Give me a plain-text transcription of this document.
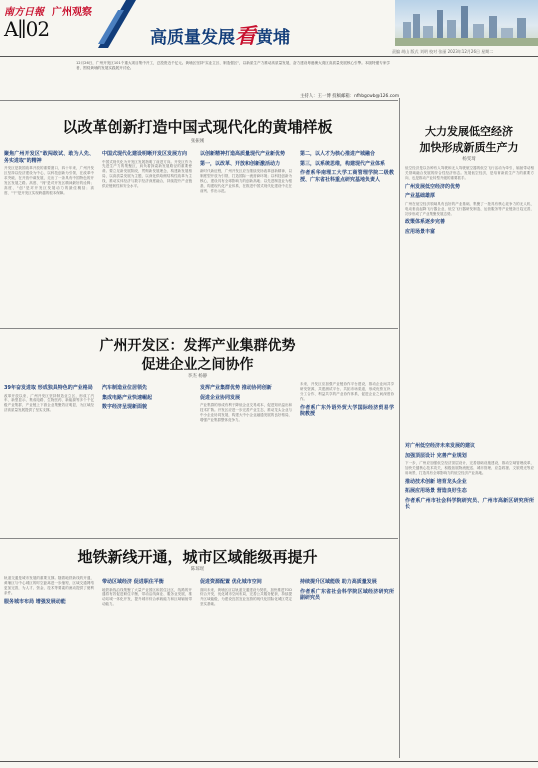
南方日報 广州观察
A∥02	高质量发展看黄埔
责编 胡山 版式 刘明 校对 张丽 2023年12月26日 星期二
12月26日，广州开发区101个重大项目集中开工，总投资近千亿元。黄埔区坚持"实业立区、制造强区"，以新质生产力推动高质量发展，奋力建设粤港澳大湾区高质量发展核心引擎。本版特邀专家学者，围绕黄埔的发展实践展开讨论。
主持人：王一博 投稿邮箱：nfhbgcwb@126.com
以改革创新打造中国式现代化的黄埔样板
张振刚
聚焦广州开发区"敢闯敢试、敢为人先、务实进取"的精神
开发区是我国改革开放的重要窗口，四十年来，广州开发区坚持以经济建设为中心，以科技创新为引领，在改革中求突破、在开放中谋发展，走出了一条具有中国特色的开发区发展之路。高度、"闯"是对开发区精神最好的诠释；高度、"创"是对开发区发展动力的最佳概括；高度、"干"是开发区实现跨越的根本保障。
中国式现代化建设明晰开发区发展方向
中国式现代化为开发区发展指明了前进方向。开发区作为先进生产力的集聚区，肩负着探索新发展路径的重要使命。要立足新发展阶段，贯彻新发展理念，构建新发展格局，以高质量发展为主题，以深化供给侧结构性改革为主线，推动实体经济与数字经济深度融合，持续提升产业链供应链韧性和安全水平。
以创新精神打造高质量现代产业新优势
第一，以改革、开放和创新激活动力
新时代新征程，广州开发区应当继续发扬改革创新精神，以制度型开放为引领，打造国际一流营商环境；以科技创新为核心，建设具有全球影响力的创新高地；以先进制造业为根基，构建现代化产业体系，在推进中国式现代化建设中走在前列、作出示范。
第二，以人才为核心推进产城融合
第三，以系统思维，构建现代产业体系
作者系华南理工大学工商管理学院二级教授、广东省社科重点研究基地负责人
广州开发区：发挥产业集群优势
促进企业之间协作
李杰 杨静
39年奋发进取 形成独具特色的产业格局
改革开放以来，广州开发区坚持制造业立区，形成了汽车、新型显示、集成电路、生物医药、新能源等多个千亿级产业集群，产业链上下游企业集聚效应明显，为区域经济高质量发展提供了坚实支撑。
汽车制造业位居领先
集成电路产业快速崛起
数字经济呈现新面貌
发挥产业集群优势 推动协同创新
促进企业协同发展
产业集群的形成有利于降低企业交易成本，促进知识溢出和技术扩散。开发区应进一步完善产业生态，推动龙头企业与中小企业协同发展，构建大中小企业融通发展的良好格局，增强产业集群整体竞争力。
未来，开发区应加强产业链协作平台建设，推动企业间共享研发资源、共建测试平台、共拓市场渠道，形成优势互补、分工合作、利益共享的产业协作体系，促进企业之间深度协作。
作者系广东外语外贸大学国际经济贸易学院教授
地铁新线开通，城市区域能级再提升
陈琼瑶
轨道交通是城市发展的重要支撑。随着地铁新线的开通，黄埔区与中心城区的时空距离进一步缩短，区域交通网络更加完善，为人才、资金、技术等要素的流动提供了便利条件。
服务城市布局 增强发展动能
带动区域经济 促进职住平衡
地铁新线沿线集聚了大量产业园区和居住社区，线路的开通将有效促进职住平衡，带动沿线商业、服务业发展，推动站城一体化开发，提升城市综合承载能力和区域辐射带动能力。
促进资源配置 优化城市空间
面向未来，黄埔区应以轨道交通建设为契机，加快推进TOD综合开发，优化城市空间布局，完善公共服务配套，持续提升区域能级，为建设宜居宜业宜游的现代化国际化城区奠定坚实基础。
持续提升区域能级 助力高质量发展
作者系广东省社会科学院区域经济研究所副研究员
大力发展低空经济
加快形成新质生产力
杨雯琦
低空经济是以各种有人驾驶和无人驾驶航空器的低空飞行活动为牵引，辐射带动相关领域融合发展的综合性经济形态。发展低空经济，是培育新质生产力的重要方向，也是推动产业转型升级的重要抓手。
广州发展低空经济的优势
产业基础雄厚
广州在低空经济领域具有良好的产业基础，集聚了一批具有核心竞争力的无人机、电动垂直起降飞行器企业，低空飞行器研发制造、运营服务等产业链条日趋完善，初步形成了产业集聚发展态势。
政策体系逐步完善
应用场景丰富
对广州低空经济未来发展的建议
加强顶层设计 完善产业规划
下一步，广州应加强低空经济顶层设计，完善基础设施建设，推动空域管理改革，加快关键核心技术攻关，积极拓展物流配送、城市管理、应急救援、文旅观光等应用场景，打造具有全球影响力的低空经济产业高地。
推动技术创新 培育龙头企业
拓展应用场景 营造良好生态
作者系广州市社会科学院研究员、广州市高新区研究所所长
